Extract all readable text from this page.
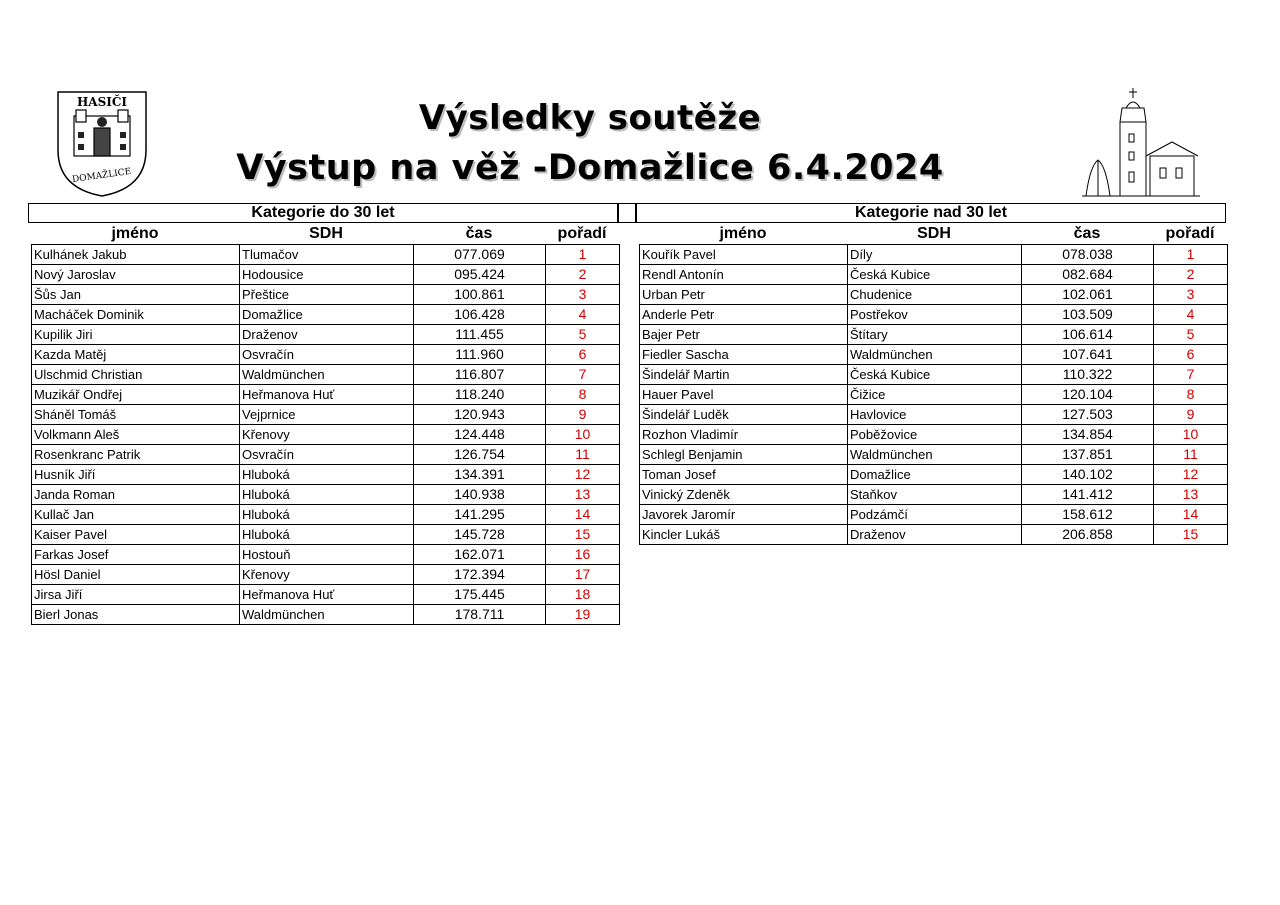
HASIČI
DOMAŽLICE
Výsledky soutěže
Výstup na věž -Domažlice 6.4.2024
Kategorie do 30 let	Kategorie nad 30 let
jméno	SDH	čas	pořadí	jméno	SDH	čas	pořadí
Kulhánek Jakub	Tlumačov	077.069	1
Nový Jaroslav	Hodousice	095.424	2
Šůs Jan	Přeštice	100.861	3
Macháček Dominik	Domažlice	106.428	4
Kupilik Jiri	Draženov	111.455	5
Kazda Matěj	Osvračín	111.960	6
Ulschmid Christian	Waldmünchen	116.807	7
Muzikář Ondřej	Heřmanova Huť	118.240	8
Sháněl Tomáš	Vejprnice	120.943	9
Volkmann Aleš	Křenovy	124.448	10
Rosenkranc Patrik	Osvračín	126.754	11
Husník Jiří	Hluboká	134.391	12
Janda Roman	Hluboká	140.938	13
Kullač Jan	Hluboká	141.295	14
Kaiser Pavel	Hluboká	145.728	15
Farkas Josef	Hostouň	162.071	16
Hösl Daniel	Křenovy	172.394	17
Jirsa Jiří	Heřmanova Huť	175.445	18
Bierl Jonas	Waldmünchen	178.711	19
Kouřík Pavel	Díly	078.038	1
Rendl Antonín	Česká Kubice	082.684	2
Urban Petr	Chudenice	102.061	3
Anderle Petr	Postřekov	103.509	4
Bajer Petr	Štítary	106.614	5
Fiedler Sascha	Waldmünchen	107.641	6
Šindelář Martin	Česká Kubice	110.322	7
Hauer Pavel	Čižice	120.104	8
Šindelář Luděk	Havlovice	127.503	9
Rozhon Vladimír	Poběžovice	134.854	10
Schlegl Benjamin	Waldmünchen	137.851	11
Toman Josef	Domažlice	140.102	12
Vinický Zdeněk	Staňkov	141.412	13
Javorek Jaromír	Podzámčí	158.612	14
Kincler Lukáš	Draženov	206.858	15
